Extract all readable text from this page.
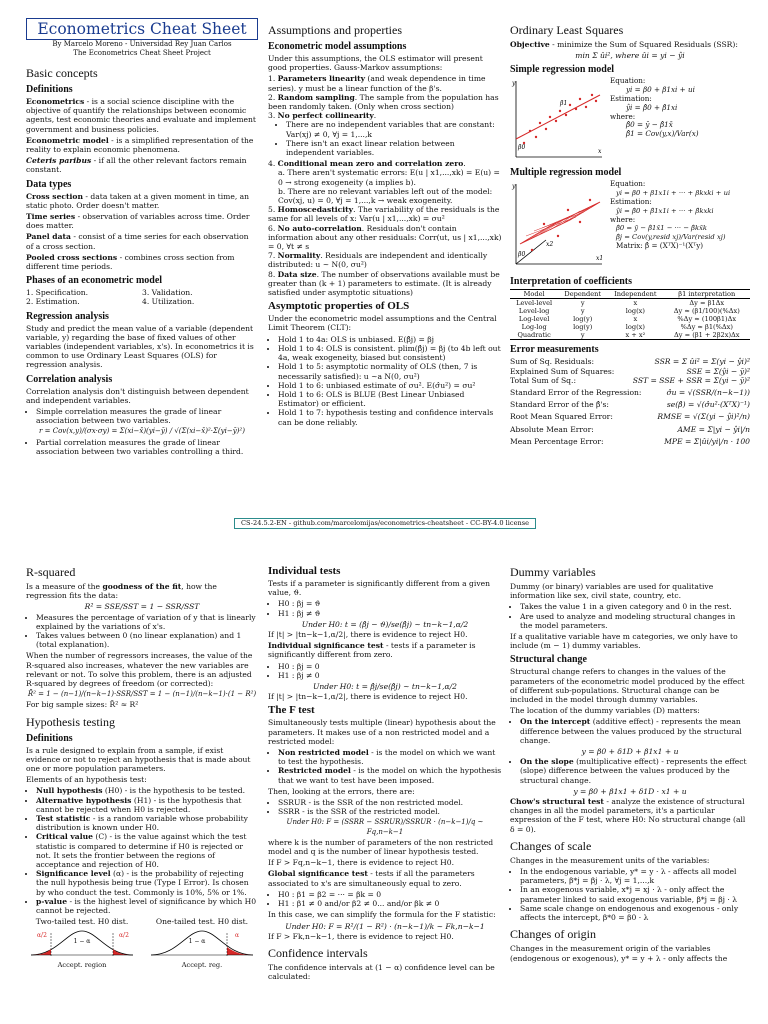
Econometrics Cheat Sheet
By Marcelo Moreno - Universidad Rey Juan Carlos
The Econometrics Cheat Sheet Project
Basic concepts
Definitions

Econometrics - is a social science discipline with the objective of quantify the relationships between economic agents, test economic theories and evaluate and implement government and business policies.

Econometric model - is a simplified representation of the reality to explain economic phenomena.

Ceteris paribus - if all the other relevant factors remain constant.

Data types

Cross section - data taken at a given moment in time, an static photo. Order doesn't matter.

Time series - observation of variables across time. Order does matter.

Panel data - consist of a time series for each observation of a cross section.

Pooled cross sections - combines cross section from different time periods.

Phases of an econometric model
1. Specification.	3. Validation.
2. Estimation.	4. Utilization.
Regression analysis

Study and predict the mean value of a variable (dependent variable, y) regarding the base of fixed values of other variables (independent variables, x's). In econometrics it is common to use Ordinary Least Squares (OLS) for regression analysis.

Correlation analysis

Correlation analysis don't distinguish between dependent and independent variables.

• Simple correlation measures the grade of linear association between two variables.
r = Cov(x,y)/(σx·σy) = Σ(xi−x̄)(yi−ȳ) / √(Σ(xi−x̄)²·Σ(yi−ȳ)²)
• Partial correlation measures the grade of linear association between two variables controlling a third.
Assumptions and properties
Econometric model assumptions

Under this assumptions, the OLS estimator will present good properties. Gauss-Markov assumptions:

1. Parameters linearity (and weak dependence in time series). y must be a linear function of the β's.
2. Random sampling. The sample from the population has been randomly taken. (Only when cross section)
3. No perfect collinearity.
• There are no independent variables that are constant: Var(xj) ≠ 0, ∀j = 1,...,k
• There isn't an exact linear relation between independent variables.
4. Conditional mean zero and correlation zero.
a. There aren't systematic errors: E(u | x1,...,xk) = E(u) = 0 → strong exogeneity (a implies b).
b. There are no relevant variables left out of the model: Cov(xj, u) = 0, ∀j = 1,...,k → weak exogeneity.
5. Homoscedasticity. The variability of the residuals is the same for all levels of x: Var(u | x1,...,xk) = σu²
6. No auto-correlation. Residuals don't contain information about any other residuals: Corr(ut, us | x1,...,xk) = 0, ∀t ≠ s
7. Normality. Residuals are independent and identically distributed: u ~ N(0, σu²)
8. Data size. The number of observations available must be greater than (k + 1) parameters to estimate. (It is already satisfied under asymptotic situations)
Asymptotic properties of OLS

Under the econometric model assumptions and the Central Limit Theorem (CLT):

• Hold 1 to 4a: OLS is unbiased. E(β̂j) = βj
• Hold 1 to 4: OLS is consistent. plim(β̂j) = βj (to 4b left out 4a, weak exogeneity, biased but consistent)
• Hold 1 to 5: asymptotic normality of OLS (then, 7 is necessarily satisfied): u ~a N(0, σu²)
• Hold 1 to 6: unbiased estimate of σu². E(σ̂u²) = σu²
• Hold 1 to 6: OLS is BLUE (Best Linear Unbiased Estimator) or efficient.
• Hold 1 to 7: hypothesis testing and confidence intervals can be done reliably.
Ordinary Least Squares

Objective - minimize the Sum of Squared Residuals (SSR):

min Σ ûi², where ûi = yi − ŷi
Simple regression model
y
x
β0
β1
Equation:
yi = β0 + β1xi + ui
Estimation:
ŷi = β̂0 + β̂1xi
where:
β̂0 = ȳ − β̂1x̄
β̂1 = Cov(y,x)/Var(x)
Multiple regression model
y
x1
x2
β0
Equation:
yi = β0 + β1x1i + ··· + βkxki + ui
Estimation:
ŷi = β̂0 + β̂1x1i + ··· + β̂kxki
where:
β̂0 = ȳ − β̂1x̄1 − ··· − β̂kx̄k
β̂j = Cov(y,resid xj)/Var(resid xj)
Matrix: β̂ = (XᵀX)⁻¹(Xᵀy)
Interpretation of coefficients
Model	Dependent	Independent	β1 interpretation
Level-level	y	x	Δy = β1Δx
Level-log	y	log(x)	Δy ≈ (β1/100)(%Δx)
Log-level	log(y)	x	%Δy ≈ (100β1)Δx
Log-log	log(y)	log(x)	%Δy ≈ β1(%Δx)
Quadratic	y	x + x²	Δy = (β1 + 2β2x)Δx
Error measurements
Sum of Sq. Residuals:	SSR = Σ ûi² = Σ(yi − ŷi)²
Explained Sum of Squares:	SSE = Σ(ŷi − ȳ)²
Total Sum of Sq.:	SST = SSE + SSR = Σ(yi − ȳ)²
Standard Error of the Regression:	σ̂u = √(SSR/(n−k−1))
Standard Error of the β̂'s:	se(β̂) = √(σ̂u²·(XᵀX)⁻¹)
Root Mean Squared Error:	RMSE = √(Σ(yi − ŷi)²/n)
Absolute Mean Error:	AME = Σ|yi − ŷi|/n
Mean Percentage Error:	MPE = Σ|ûi/yi|/n · 100
CS-24.5.2-EN - github.com/marcelomijas/econometrics-cheatsheet - CC-BY-4.0 license
R-squared

Is a measure of the goodness of the fit, how the regression fits the data:

R² = SSE/SST = 1 − SSR/SST
• Measures the percentage of variation of y that is linearly explained by the variations of x's.
• Takes values between 0 (no linear explanation) and 1 (total explanation).

When the number of regressors increases, the value of the R-squared also increases, whatever the new variables are relevant or not. To solve this problem, there is an adjusted R-squared by degrees of freedom (or corrected):

R̄² = 1 − (n−1)/(n−k−1)·SSR/SST = 1 − (n−1)/(n−k−1)·(1 − R²)

For big sample sizes: R̄² ≈ R²

Hypothesis testing
Definitions

Is a rule designed to explain from a sample, if exist evidence or not to reject an hypothesis that is made about one or more population parameters.

Elements of an hypothesis test:

• Null hypothesis (H0) - is the hypothesis to be tested.
• Alternative hypothesis (H1) - is the hypothesis that cannot be rejected when H0 is rejected.
• Test statistic - is a random variable whose probability distribution is known under H0.
• Critical value (C) - is the value against which the test statistic is compared to determine if H0 is rejected or not. It sets the frontier between the regions of acceptance and rejection of H0.
• Significance level (α) - is the probability of rejecting the null hypothesis being true (Type I Error). Is chosen by who conduct the test. Commonly is 10%, 5% or 1%.
• p-value - is the highest level of significance by which H0 cannot be rejected.
Two-tailed test. H0 dist.
1 − α
α/2	α/2
Accept. region
One-tailed test. H0 dist.
1 − α
α
Accept. reg.
Individual tests

Tests if a parameter is significantly different from a given value, ϑ.

• H0 : βj = ϑ
• H1 : βj ≠ ϑ
Under H0: t = (β̂j − ϑ)/se(β̂j) ~ tn−k−1,α/2

If |t| > |tn−k−1,α/2|, there is evidence to reject H0.

Individual significance test - tests if a parameter is significantly different from zero.

• H0 : βj = 0
• H1 : βj ≠ 0
Under H0: t = β̂j/se(β̂j) ~ tn−k−1,α/2

If |t| > |tn−k−1,α/2|, there is evidence to reject H0.

The F test

Simultaneously tests multiple (linear) hypothesis about the parameters. It makes use of a non restricted model and a restricted model:

• Non restricted model - is the model on which we want to test the hypothesis.
• Restricted model - is the model on which the hypothesis that we want to test have been imposed.

Then, looking at the errors, there are:

• SSRUR - is the SSR of the non restricted model.
• SSRR - is the SSR of the restricted model.
Under H0: F = (SSRR − SSRUR)/SSRUR · (n−k−1)/q ~ Fq,n−k−1

where k is the number of parameters of the non restricted model and q is the number of linear hypothesis tested.

If F > Fq,n−k−1, there is evidence to reject H0.

Global significance test - tests if all the parameters associated to x's are simultaneously equal to zero.

• H0 : β1 = β2 = ··· = βk = 0
• H1 : β1 ≠ 0 and/or β2 ≠ 0... and/or βk ≠ 0

In this case, we can simplify the formula for the F statistic:

Under H0: F = R²/(1 − R²) · (n−k−1)/k ~ Fk,n−k−1

If F > Fk,n−k−1, there is evidence to reject H0.

Confidence intervals

The confidence intervals at (1 − α) confidence level can be calculated:

Dummy variables

Dummy (or binary) variables are used for qualitative information like sex, civil state, country, etc.

• Takes the value 1 in a given category and 0 in the rest.
• Are used to analyze and modeling structural changes in the model parameters.

If a qualitative variable have m categories, we only have to include (m − 1) dummy variables.

Structural change

Structural change refers to changes in the values of the parameters of the econometric model produced by the effect of different sub-populations. Structural change can be included in the model through dummy variables.

The location of the dummy variables (D) matters:

• On the intercept (additive effect) - represents the mean difference between the values produced by the structural change.
y = β0 + δ1D + β1x1 + u
• On the slope (multiplicative effect) - represents the effect (slope) difference between the values produced by the structural change.
y = β0 + β1x1 + δ1D · x1 + u

Chow's structural test - analyze the existence of structural changes in all the model parameters, it's a particular expression of the F test, where H0: No structural change (all δ = 0).

Changes of scale

Changes in the measurement units of the variables:

• In the endogenous variable, y* = y · λ - affects all model parameters, β*j = βj · λ, ∀j = 1,...,k
• In an exogenous variable, x*j = xj · λ - only affect the parameter linked to said exogenous variable, β*j = βj · λ
• Same scale change on endogenous and exogenous - only affects the intercept, β*0 = β0 · λ
Changes of origin

Changes in the measurement origin of the variables (endogenous or exogenous), y* = y + λ - only affects the
